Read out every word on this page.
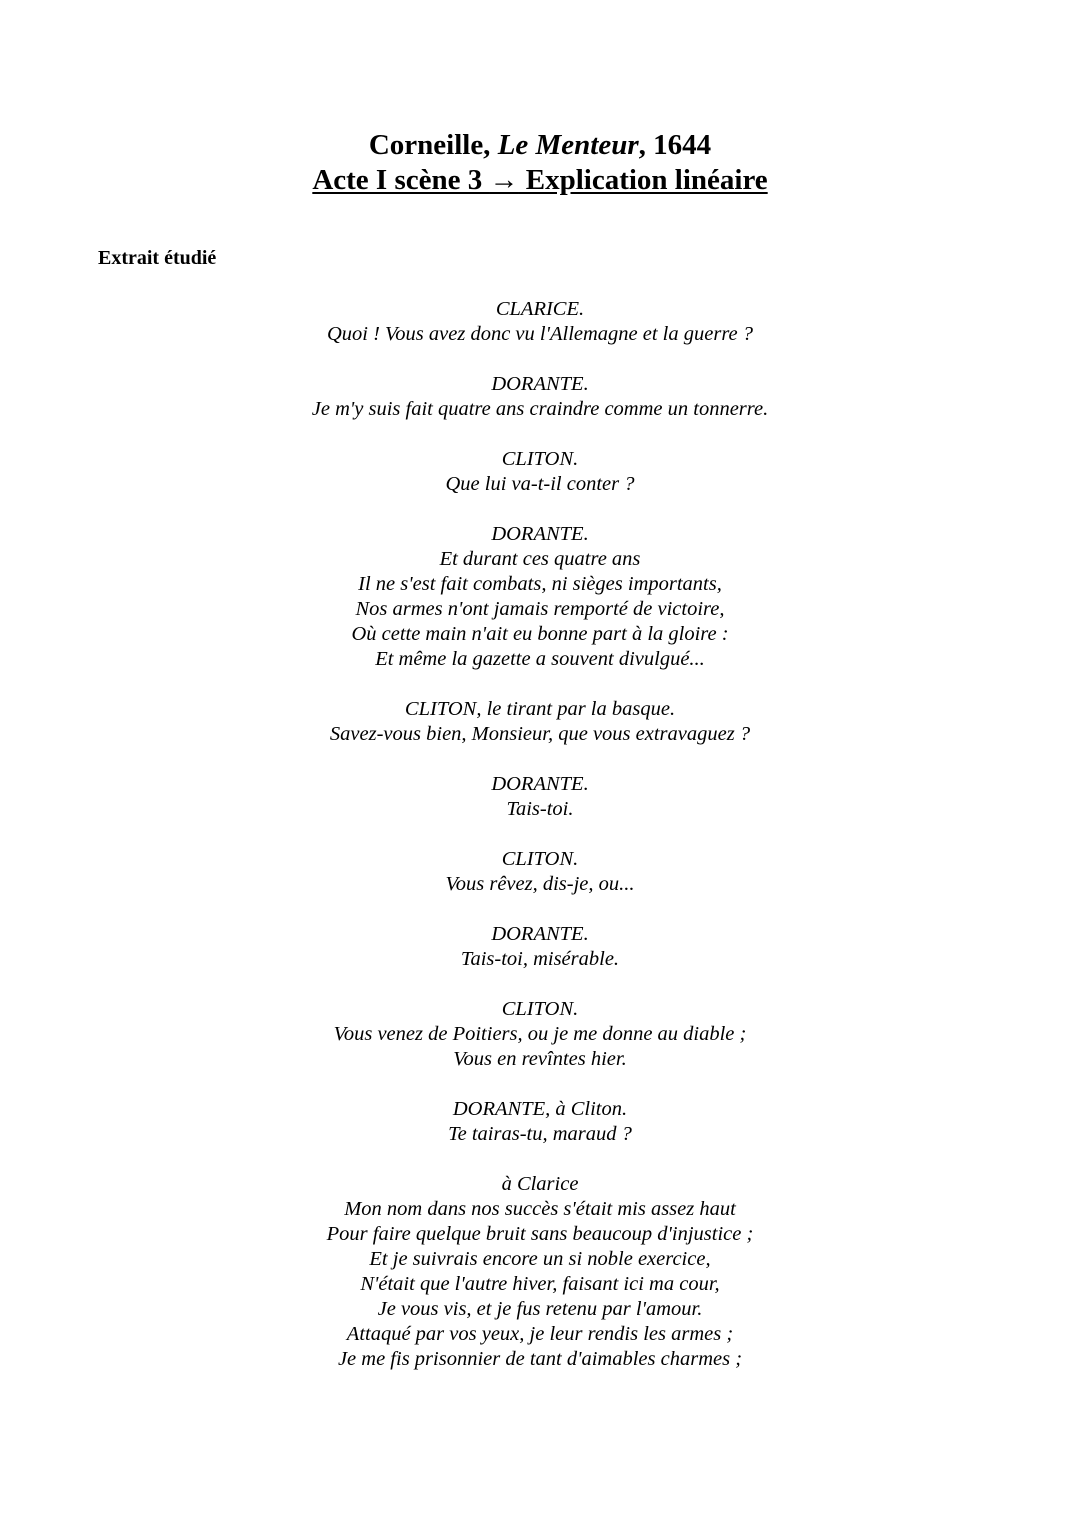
Corneille, Le Menteur, 1644
Acte I scène 3 → Explication linéaire
Extrait étudié
CLARICE.
Quoi ! Vous avez donc vu l'Allemagne et la guerre ?
DORANTE.
Je m'y suis fait quatre ans craindre comme un tonnerre.
CLITON.
Que lui va-t-il conter ?
DORANTE.
Et durant ces quatre ans
Il ne s'est fait combats, ni sièges importants,
Nos armes n'ont jamais remporté de victoire,
Où cette main n'ait eu bonne part à la gloire :
Et même la gazette a souvent divulgué...
CLITON, le tirant par la basque.
Savez-vous bien, Monsieur, que vous extravaguez ?
DORANTE.
Tais-toi.
CLITON.
Vous rêvez, dis-je, ou...
DORANTE.
Tais-toi, misérable.
CLITON.
Vous venez de Poitiers, ou je me donne au diable ;
Vous en revîntes hier.
DORANTE, à Cliton.
Te tairas-tu, maraud ?
à Clarice
Mon nom dans nos succès s'était mis assez haut
Pour faire quelque bruit sans beaucoup d'injustice ;
Et je suivrais encore un si noble exercice,
N'était que l'autre hiver, faisant ici ma cour,
Je vous vis, et je fus retenu par l'amour.
Attaqué par vos yeux, je leur rendis les armes ;
Je me fis prisonnier de tant d'aimables charmes ;
